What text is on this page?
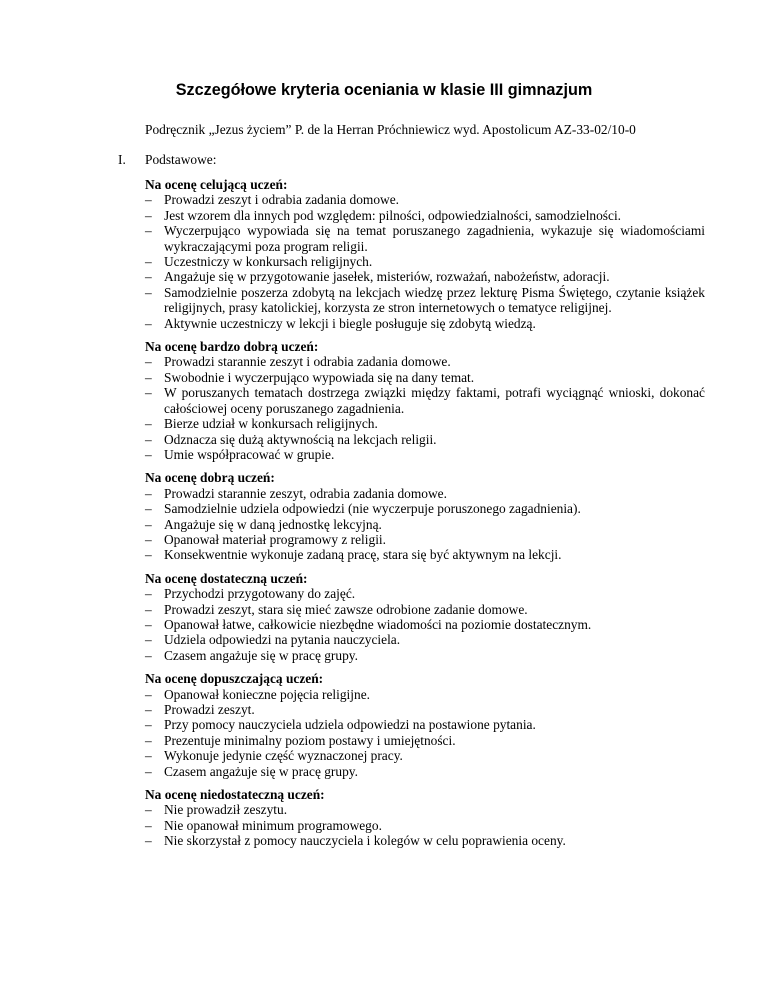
Szczegółowe kryteria oceniania w klasie III gimnazjum

Podręcznik „Jezus życiem” P. de la Herran Próchniewicz wyd. Apostolicum AZ-33-02/10-0

I. Podstawowe:

Na ocenę celującą uczeń:

– Prowadzi zeszyt i odrabia zadania domowe.
– Jest wzorem dla innych pod względem: pilności, odpowiedzialności, samodzielności.
– Wyczerpująco wypowiada się na temat poruszanego zagadnienia, wykazuje się wiadomościami wykraczającymi poza program religii.
– Uczestniczy w konkursach religijnych.
– Angażuje się w przygotowanie jasełek, misteriów, rozważań, nabożeństw, adoracji.
– Samodzielnie poszerza zdobytą na lekcjach wiedzę przez lekturę Pisma Świętego, czytanie książek religijnych, prasy katolickiej, korzysta ze stron internetowych o tematyce religijnej.
– Aktywnie uczestniczy w lekcji i biegle posługuje się zdobytą wiedzą.

Na ocenę bardzo dobrą uczeń:

– Prowadzi starannie zeszyt i odrabia zadania domowe.
– Swobodnie i wyczerpująco wypowiada się na dany temat.
– W poruszanych tematach dostrzega związki między faktami, potrafi wyciągnąć wnioski, dokonać całościowej oceny poruszanego zagadnienia.
– Bierze udział w konkursach religijnych.
– Odznacza się dużą aktywnością na lekcjach religii.
– Umie współpracować w grupie.

Na ocenę dobrą uczeń:

– Prowadzi starannie zeszyt, odrabia zadania domowe.
– Samodzielnie udziela odpowiedzi (nie wyczerpuje poruszonego zagadnienia).
– Angażuje się w daną jednostkę lekcyjną.
– Opanował materiał programowy z religii.
– Konsekwentnie wykonuje zadaną pracę, stara się być aktywnym na lekcji.

Na ocenę dostateczną uczeń:

– Przychodzi przygotowany do zajęć.
– Prowadzi zeszyt, stara się mieć zawsze odrobione zadanie domowe.
– Opanował łatwe, całkowicie niezbędne wiadomości na poziomie dostatecznym.
– Udziela odpowiedzi na pytania nauczyciela.
– Czasem angażuje się w pracę grupy.

Na ocenę dopuszczającą uczeń:

– Opanował konieczne pojęcia religijne.
– Prowadzi zeszyt.
– Przy pomocy nauczyciela udziela odpowiedzi na postawione pytania.
– Prezentuje minimalny poziom postawy i umiejętności.
– Wykonuje jedynie część wyznaczonej pracy.
– Czasem angażuje się w pracę grupy.

Na ocenę niedostateczną uczeń:

– Nie prowadził zeszytu.
– Nie opanował minimum programowego.
– Nie skorzystał z pomocy nauczyciela i kolegów w celu poprawienia oceny.
